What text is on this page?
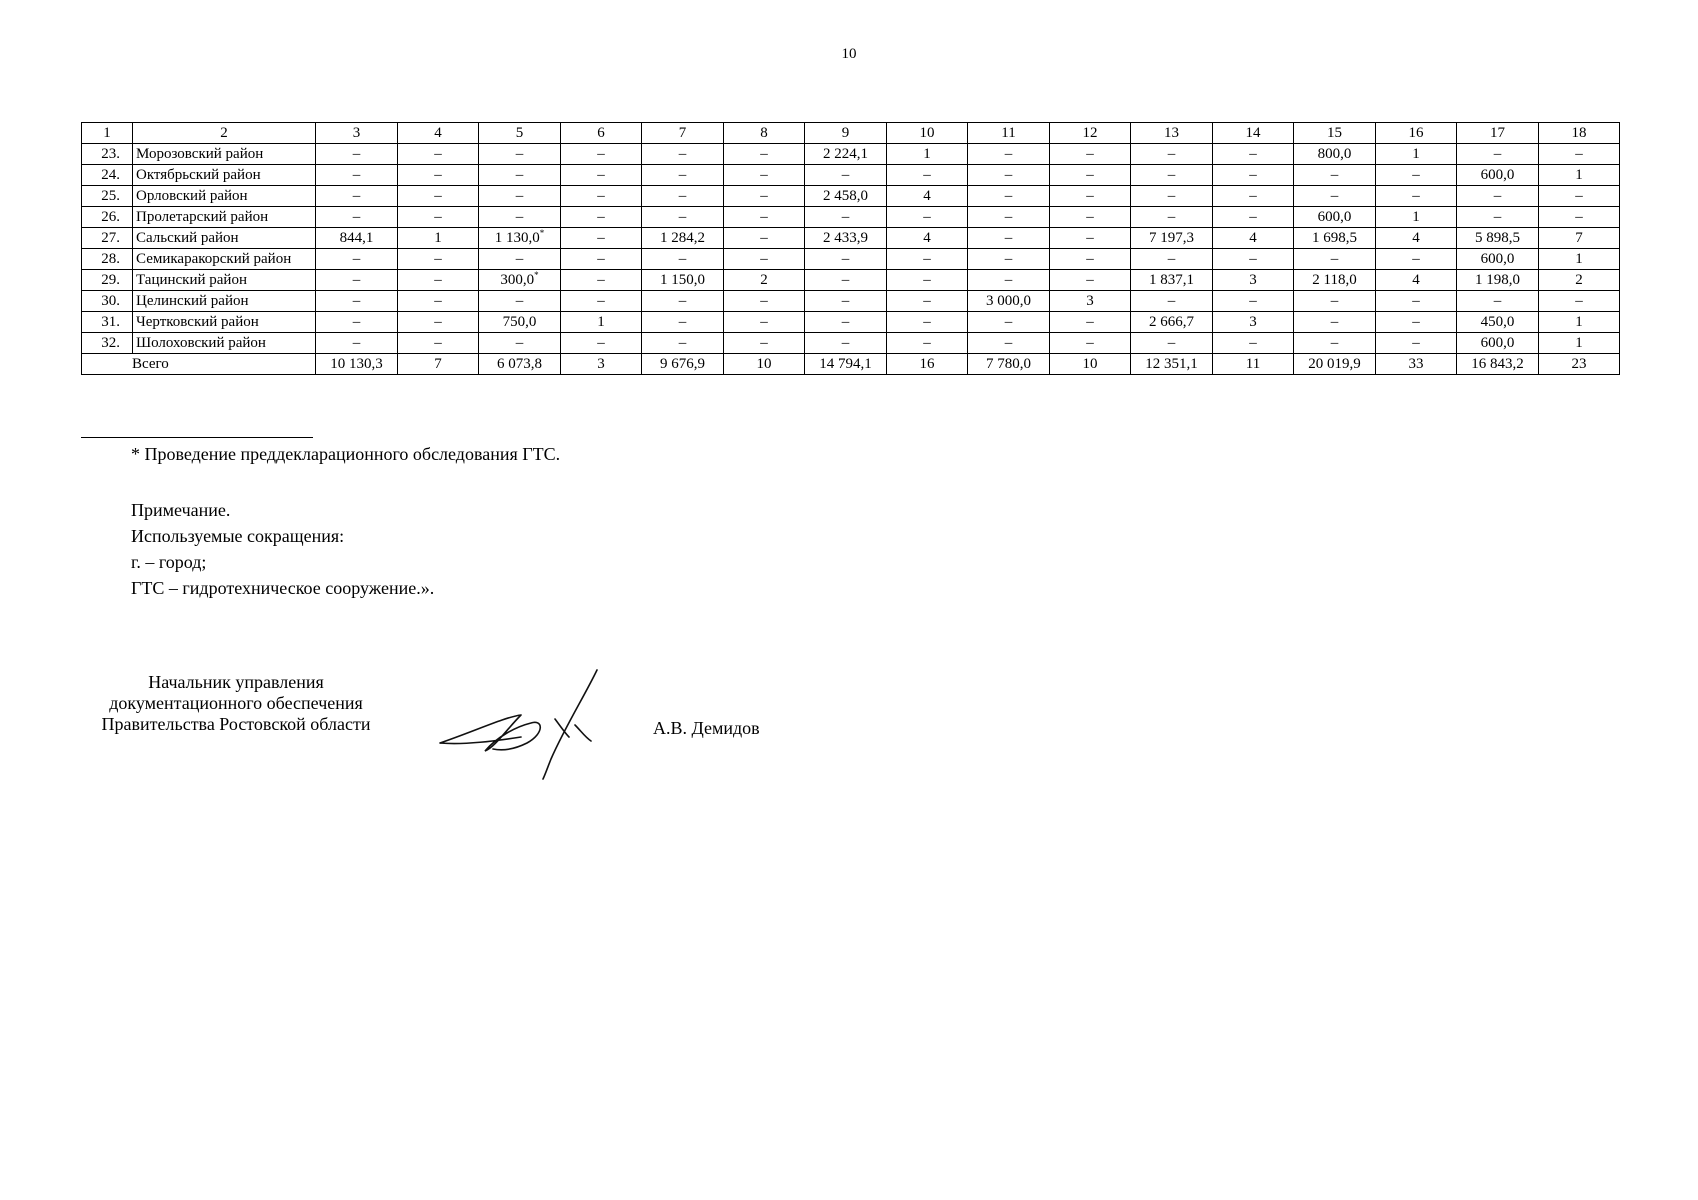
10
1	2	3	4	5	6	7	8	9	10	11	12	13	14	15	16	17	18
23.	Морозовский район	–	–	–	–	–	–	2 224,1	1	–	–	–	–	800,0	1	–	–
24.	Октябрьский район	–	–	–	–	–	–	–	–	–	–	–	–	–	–	600,0	1
25.	Орловский район	–	–	–	–	–	–	2 458,0	4	–	–	–	–	–	–	–	–
26.	Пролетарский район	–	–	–	–	–	–	–	–	–	–	–	–	600,0	1	–	–
27.	Сальский район	844,1	1	1 130,0*	–	1 284,2	–	2 433,9	4	–	–	7 197,3	4	1 698,5	4	5 898,5	7
28.	Семикаракорский район	–	–	–	–	–	–	–	–	–	–	–	–	–	–	600,0	1
29.	Тацинский район	–	–	300,0*	–	1 150,0	2	–	–	–	–	1 837,1	3	2 118,0	4	1 198,0	2
30.	Целинский район	–	–	–	–	–	–	–	–	3 000,0	3	–	–	–	–	–	–
31.	Чертковский район	–	–	750,0	1	–	–	–	–	–	–	2 666,7	3	–	–	450,0	1
32.	Шолоховский район	–	–	–	–	–	–	–	–	–	–	–	–	–	–	600,0	1
Всего		10 130,3	7	6 073,8	3	9 676,9	10	14 794,1	16	7 780,0	10	12 351,1	11	20 019,9	33	16 843,2	23
* Проведение преддекларационного обследования ГТС.
Примечание.
Используемые сокращения:
г. – город;
ГТС – гидротехническое сооружение.».
Начальник управления
документационного обеспечения
Правительства Ростовской области	А.В. Демидов
